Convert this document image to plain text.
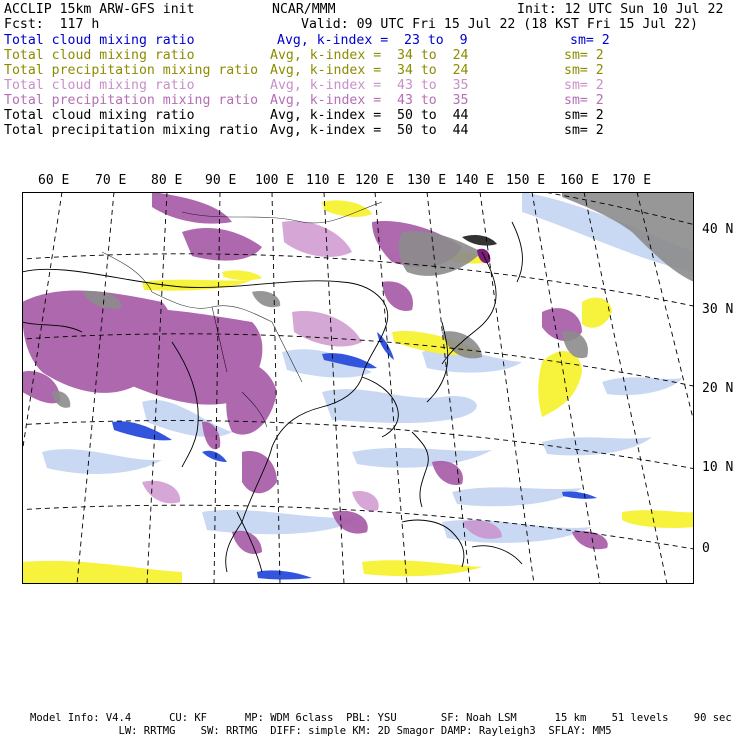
ACCLIP 15km ARW-GFS init	NCAR/MMM	Init: 12 UTC Sun 10 Jul 22
Fcst:  117 h	Valid: 09 UTC Fri 15 Jul 22 (18 KST Fri 15 Jul 22)
Total cloud mixing ratio	Avg, k-index =  23 to  9	sm= 2
Total cloud mixing ratio	Avg, k-index =  34 to  24	sm= 2
Total precipitation mixing ratio Avg, k-index =  34 to  24	sm= 2
Total cloud mixing ratio	Avg, k-index =  43 to  35	sm= 2
Total precipitation mixing ratio Avg, k-index =  43 to  35	sm= 2
Total cloud mixing ratio	Avg, k-index =  50 to  44	sm= 2
Total precipitation mixing ratio Avg, k-index =  50 to  44	sm= 2
60 E 70 E 80 E 90 E 100 E 110 E 120 E 130 E 140 E 150 E 160 E 170 E
40 N
30 N
20 N
10 N
0
Model Info: V4.4      CU: KF      MP: WDM 6class  PBL: YSU       SF: Noah LSM      15 km    51 levels    90 sec
LW: RRTMG    SW: RRTMG  DIFF: simple KM: 2D Smagor DAMP: Rayleigh3  SFLAY: MM5
